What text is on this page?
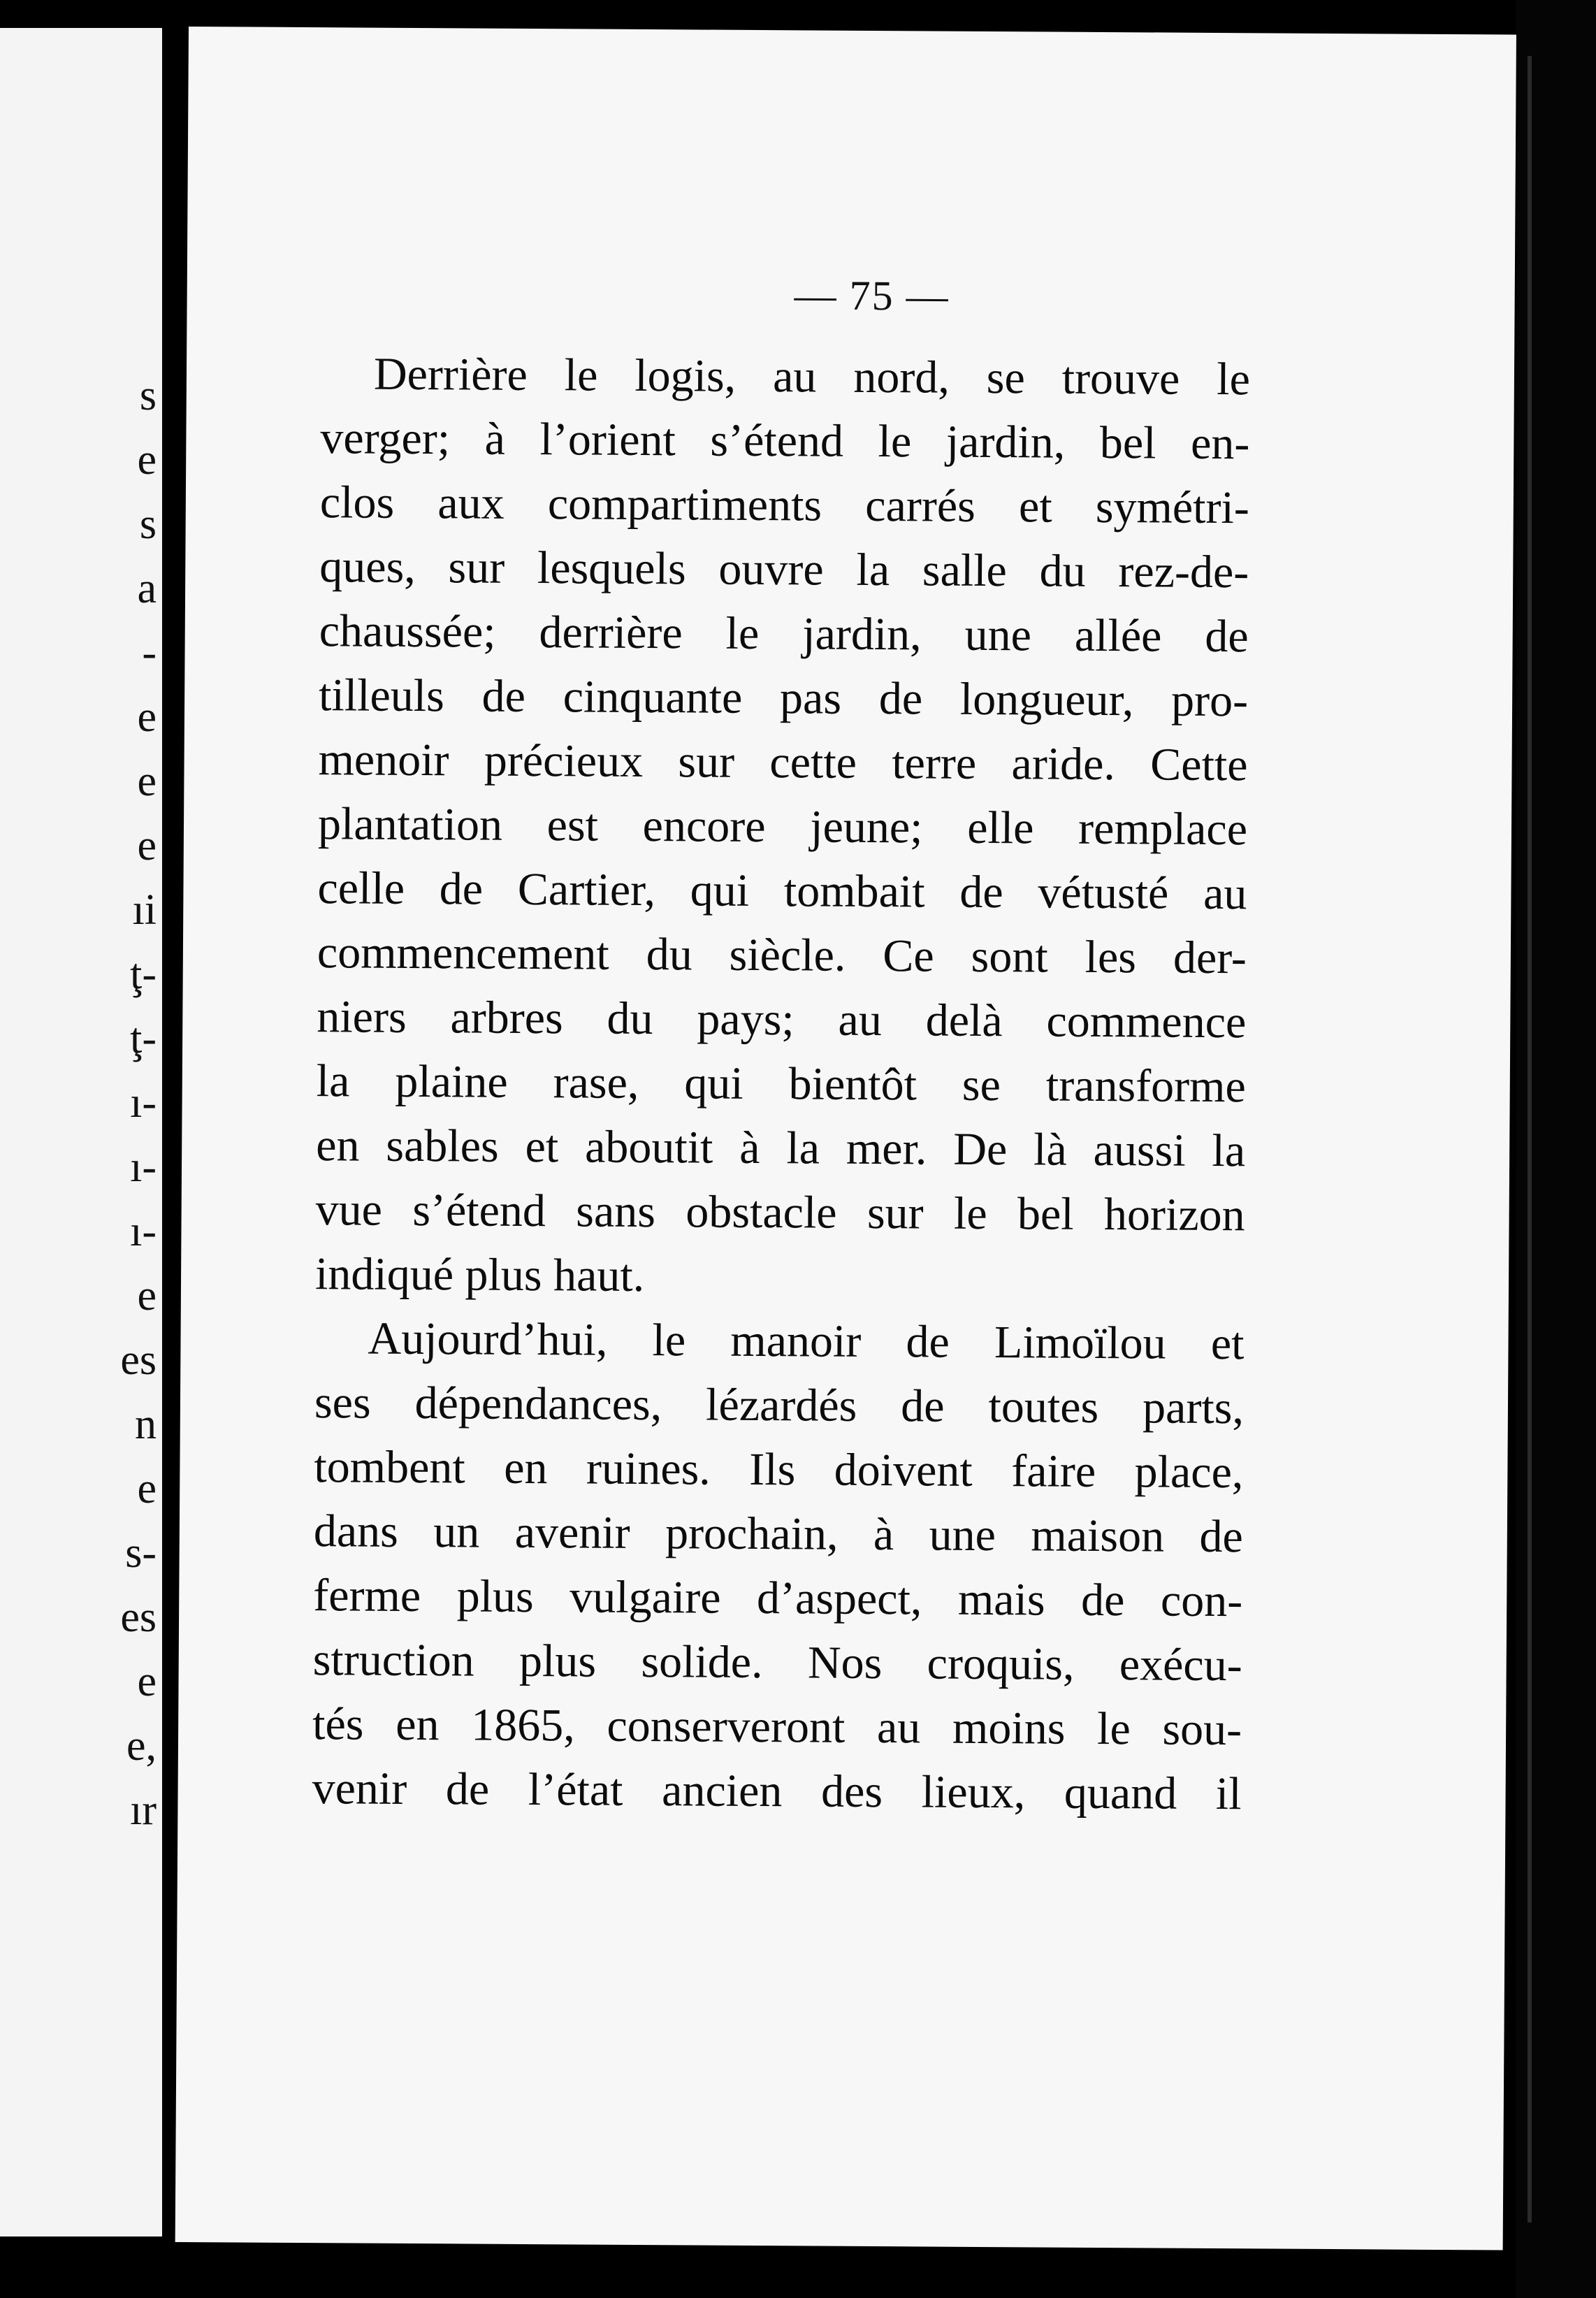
s
e
s
a
-
e
e
e
ıi
ţ-
ţ-
ı-
ı-
ı-
e
es
n
e
s-
es
e
e,
ır
— 75 —
Derrière le logis, au nord, se trouve le
verger; à l’orient s’étend le jardin, bel en-
clos aux compartiments carrés et symétri-
ques, sur lesquels ouvre la salle du rez-de-
chaussée; derrière le jardin, une allée de
tilleuls de cinquante pas de longueur, pro-
menoir précieux sur cette terre aride. Cette
plantation est encore jeune; elle remplace
celle de Cartier, qui tombait de vétusté au
commencement du siècle. Ce sont les der-
niers arbres du pays; au delà commence
la plaine rase, qui bientôt se transforme
en sables et aboutit à la mer. De là aussi la
vue s’étend sans obstacle sur le bel horizon
indiqué plus haut.
Aujourd’hui, le manoir de Limoïlou et
ses dépendances, lézardés de toutes parts,
tombent en ruines. Ils doivent faire place,
dans un avenir prochain, à une maison de
ferme plus vulgaire d’aspect, mais de con-
struction plus solide. Nos croquis, exécu-
tés en 1865, conserveront au moins le sou-
venir de l’état ancien des lieux, quand il
